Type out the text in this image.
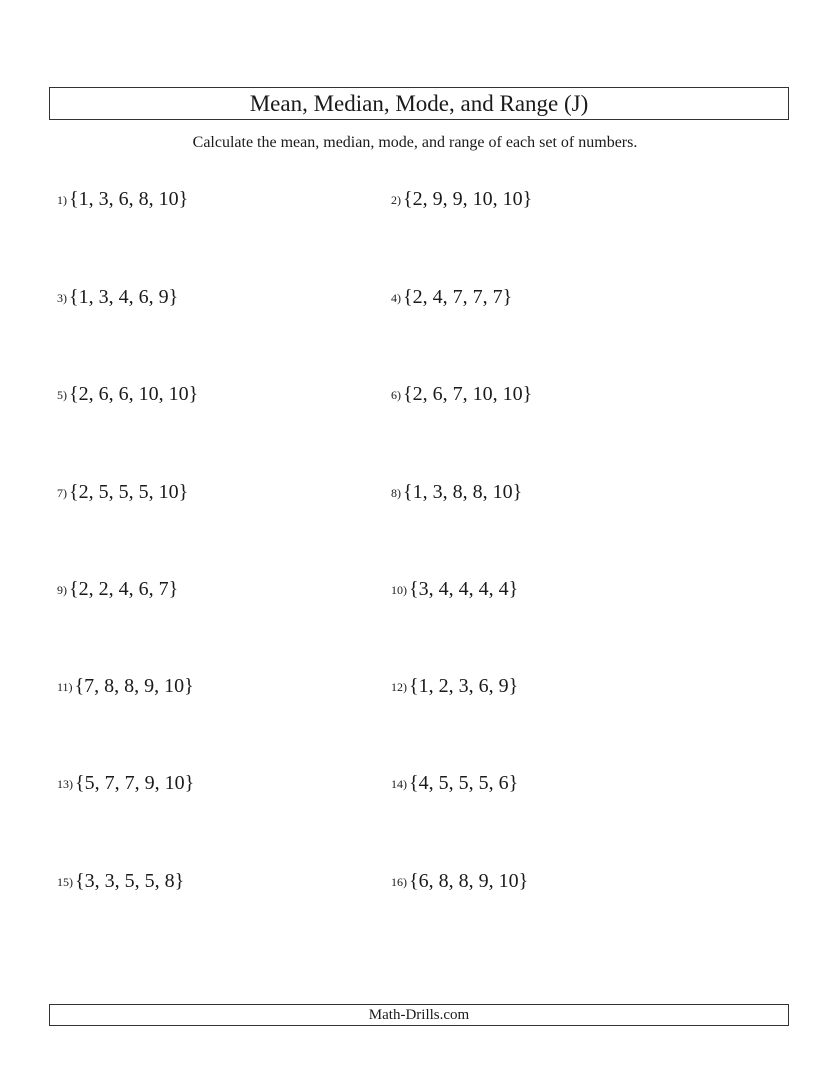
Mean, Median, Mode, and Range (J)
Calculate the mean, median, mode, and range of each set of numbers.
1) {1, 3, 6, 8, 10}	2) {2, 9, 9, 10, 10}
3) {1, 3, 4, 6, 9}	4) {2, 4, 7, 7, 7}
5) {2, 6, 6, 10, 10}	6) {2, 6, 7, 10, 10}
7) {2, 5, 5, 5, 10}	8) {1, 3, 8, 8, 10}
9) {2, 2, 4, 6, 7}	10) {3, 4, 4, 4, 4}
11) {7, 8, 8, 9, 10}	12) {1, 2, 3, 6, 9}
13) {5, 7, 7, 9, 10}	14) {4, 5, 5, 5, 6}
15) {3, 3, 5, 5, 8}	16) {6, 8, 8, 9, 10}
Math-Drills.com
